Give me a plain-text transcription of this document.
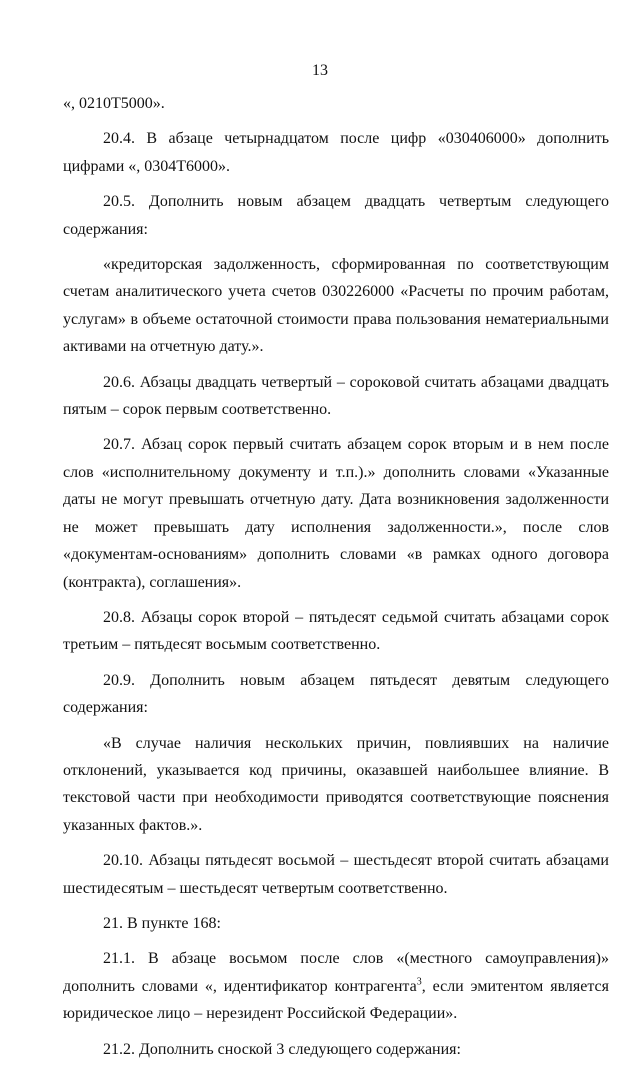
13

«, 0210Т5000».

20.4. В абзаце четырнадцатом после цифр «030406000» дополнить цифрами «, 0304Т6000».

20.5. Дополнить новым абзацем двадцать четвертым следующего содержания:

«кредиторская задолженность, сформированная по соответствующим счетам аналитического учета счетов 030226000 «Расчеты по прочим работам, услугам» в объеме остаточной стоимости права пользования нематериальными активами на отчетную дату.».

20.6. Абзацы двадцать четвертый – сороковой считать абзацами двадцать пятым – сорок первым соответственно.

20.7. Абзац сорок первый считать абзацем сорок вторым и в нем после слов «исполнительному документу и т.п.).» дополнить словами «Указанные даты не могут превышать отчетную дату. Дата возникновения задолженности не может превышать дату исполнения задолженности.», после слов «документам-основаниям» дополнить словами «в рамках одного договора (контракта), соглашения».

20.8. Абзацы сорок второй – пятьдесят седьмой считать абзацами сорок третьим – пятьдесят восьмым соответственно.

20.9. Дополнить новым абзацем пятьдесят девятым следующего содержания:

«В случае наличия нескольких причин, повлиявших на наличие отклонений, указывается код причины, оказавшей наибольшее влияние. В текстовой части при необходимости приводятся соответствующие пояснения указанных фактов.».

20.10. Абзацы пятьдесят восьмой – шестьдесят второй считать абзацами шестидесятым – шестьдесят четвертым соответственно.

21. В пункте 168:

21.1. В абзаце восьмом после слов «(местного самоуправления)» дополнить словами «, идентификатор контрагента$^3$, если эмитентом является юридическое лицо – нерезидент Российской Федерации».

21.2. Дополнить сноской 3 следующего содержания:
